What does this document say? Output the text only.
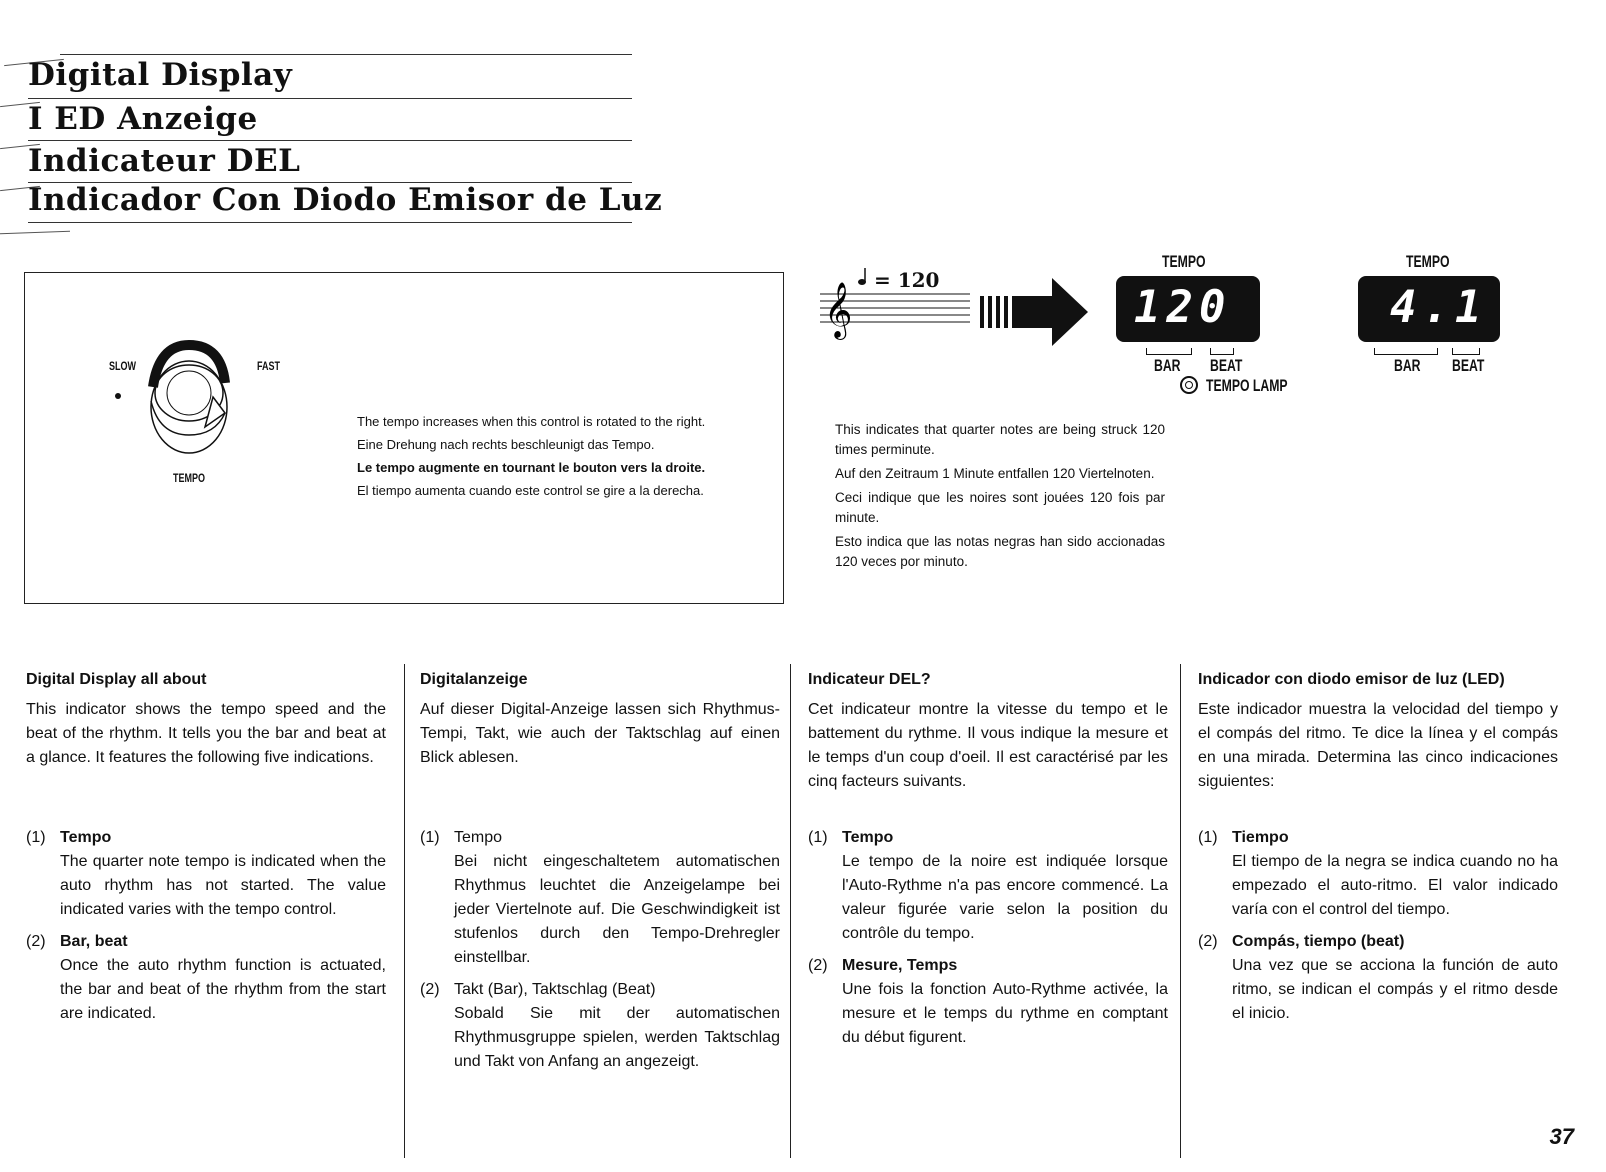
Digital Display
I ED Anzeige
Indicateur DEL
Indicador Con Diodo Emisor de Luz
SLOW	FAST
TEMPO

The tempo increases when this control is rotated to the right.

Eine Drehung nach rechts beschleunigt das Tempo.

Le tempo augmente en tournant le bouton vers la droite.

El tiempo aumenta cuando este control se gire a la derecha.

𝄞
= 120
TEMPO
120
BAR BEAT
TEMPO LAMP
TEMPO
4.1
BAR BEAT

This indicates that quarter notes are being struck 120 times perminute.

Auf den Zeitraum 1 Minute entfallen 120 Viertelnoten.

Ceci indique que les noires sont jouées 120 fois par minute.

Esto indica que las notas negras han sido accionadas 120 veces por minuto.

Digital Display all about

This indicator shows the tempo speed and the beat of the rhythm. It tells you the bar and beat at a glance. It features the following five indications.

(1) Tempo
The quarter note tempo is indicated when the auto rhythm has not started. The value indicated varies with the tempo control.
(2) Bar, beat
Once the auto rhythm function is actuated, the bar and beat of the rhythm from the start are indicated.

Digitalanzeige

Auf dieser Digital-Anzeige lassen sich Rhythmus-Tempi, Takt, wie auch der Taktschlag auf einen Blick ablesen.

(1) Tempo
Bei nicht eingeschaltetem automatischen Rhythmus leuchtet die Anzeigelampe bei jeder Viertelnote auf. Die Geschwindigkeit ist stufenlos durch den Tempo-Drehregler einstellbar.
(2) Takt (Bar), Taktschlag (Beat)
Sobald Sie mit der automatischen Rhythmusgruppe spielen, werden Taktschlag und Takt von Anfang an angezeigt.

Indicateur DEL?

Cet indicateur montre la vitesse du tempo et le battement du rythme. Il vous indique la mesure et le temps d'un coup d'oeil. Il est caractérisé par les cinq facteurs suivants.

(1) Tempo
Le tempo de la noire est indiquée lorsque l'Auto-Rythme n'a pas encore commencé. La valeur figurée varie selon la position du contrôle du tempo.
(2) Mesure, Temps
Une fois la fonction Auto-Rythme activée, la mesure et le temps du rythme en comptant du début figurent.

Indicador con diodo emisor de luz (LED)

Este indicador muestra la velocidad del tiempo y el compás del ritmo. Te dice la línea y el compás en una mirada. Determina las cinco indicaciones siguientes:

(1) Tiempo
El tiempo de la negra se indica cuando no ha empezado el auto-ritmo. El valor indicado varía con el control del tiempo.
(2) Compás, tiempo (beat)
Una vez que se acciona la función de auto ritmo, se indican el compás y el ritmo desde el inicio.
37
